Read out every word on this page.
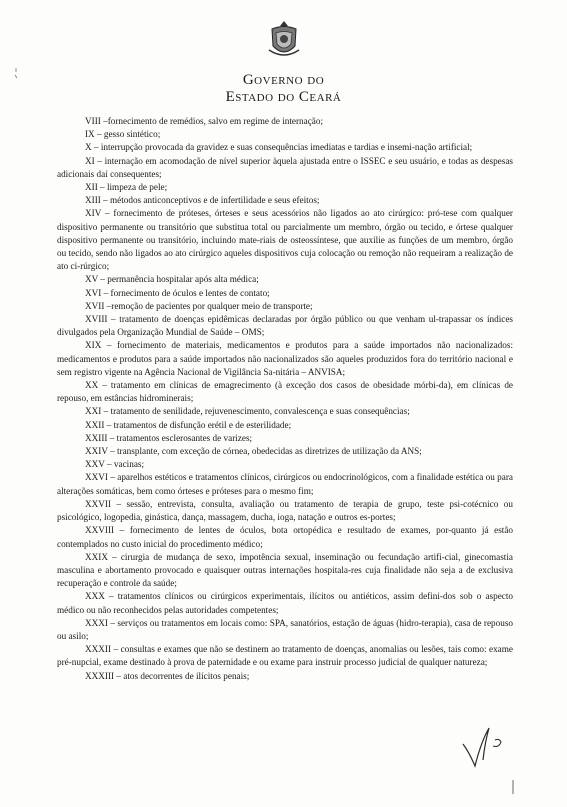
Governo do
Estado do Ceará

VIII –fornecimento de remédios, salvo em regime de internação;

IX – gesso sintético;

X – interrupção provocada da gravidez e suas consequências imediatas e tardias e insemi-nação artificial;

XI – internação em acomodação de nível superior àquela ajustada entre o ISSEC e seu usuário, e todas as despesas adicionais daí consequentes;

XII – limpeza de pele;

XIII – métodos anticonceptivos e de infertilidade e seus efeitos;

XIV – fornecimento de próteses, órteses e seus acessórios não ligados ao ato cirúrgico: pró-tese com qualquer dispositivo permanente ou transitório que substitua total ou parcialmente um membro, órgão ou tecido, e órtese qualquer dispositivo permanente ou transitório, incluindo mate-riais de osteossíntese, que auxilie as funções de um membro, órgão ou tecido, sendo não ligados ao ato cirúrgico aqueles dispositivos cuja colocação ou remoção não requeiram a realização de ato ci-rúrgico;

XV – permanência hospitalar após alta médica;

XVI – fornecimento de óculos e lentes de contato;

XVII –remoção de pacientes por qualquer meio de transporte;

XVIII – tratamento de doenças epidêmicas declaradas por órgão público ou que venham ul-trapassar os índices divulgados pela Organização Mundial de Saúde – OMS;

XIX – fornecimento de materiais, medicamentos e produtos para a saúde importados não nacionalizados: medicamentos e produtos para a saúde importados não nacionalizados são aqueles produzidos fora do território nacional e sem registro vigente na Agência Nacional de Vigilância Sa-nitária – ANVISA;

XX – tratamento em clínicas de emagrecimento (à exceção dos casos de obesidade mórbi-da), em clínicas de repouso, em estâncias hidrominerais;

XXI – tratamento de senilidade, rejuvenescimento, convalescença e suas consequências;

XXII – tratamentos de disfunção erétil e de esterilidade;

XXIII – tratamentos esclerosantes de varizes;

XXIV – transplante, com exceção de córnea, obedecidas as diretrizes de utilização da ANS;

XXV – vacinas;

XXVI – aparelhos estéticos e tratamentos clínicos, cirúrgicos ou endocrinológicos, com a finalidade estética ou para alterações somáticas, bem como órteses e próteses para o mesmo fim;

XXVII – sessão, entrevista, consulta, avaliação ou tratamento de terapia de grupo, teste psi-cotécnico ou psicológico, logopedia, ginástica, dança, massagem, ducha, ioga, natação e outros es-portes;

XXVIII – fornecimento de lentes de óculos, bota ortopédica e resultado de exames, por-quanto já estão contemplados no custo inicial do procedimento médico;

XXIX – cirurgia de mudança de sexo, impotência sexual, inseminação ou fecundação artifi-cial, ginecomastia masculina e abortamento provocado e quaisquer outras internações hospitala-res cuja finalidade não seja a de exclusiva recuperação e controle da saúde;

XXX – tratamentos clínicos ou cirúrgicos experimentais, ilícitos ou antiéticos, assim defini-dos sob o aspecto médico ou não reconhecidos pelas autoridades competentes;

XXXI – serviços ou tratamentos em locais como: SPA, sanatórios, estação de águas (hidro-terapia), casa de repouso ou asilo;

XXXII – consultas e exames que não se destinem ao tratamento de doenças, anomalias ou lesões, tais como: exame pré-nupcial, exame destinado à prova de paternidade e ou exame para instruir processo judicial de qualquer natureza;

XXXIII – atos decorrentes de ilícitos penais;
